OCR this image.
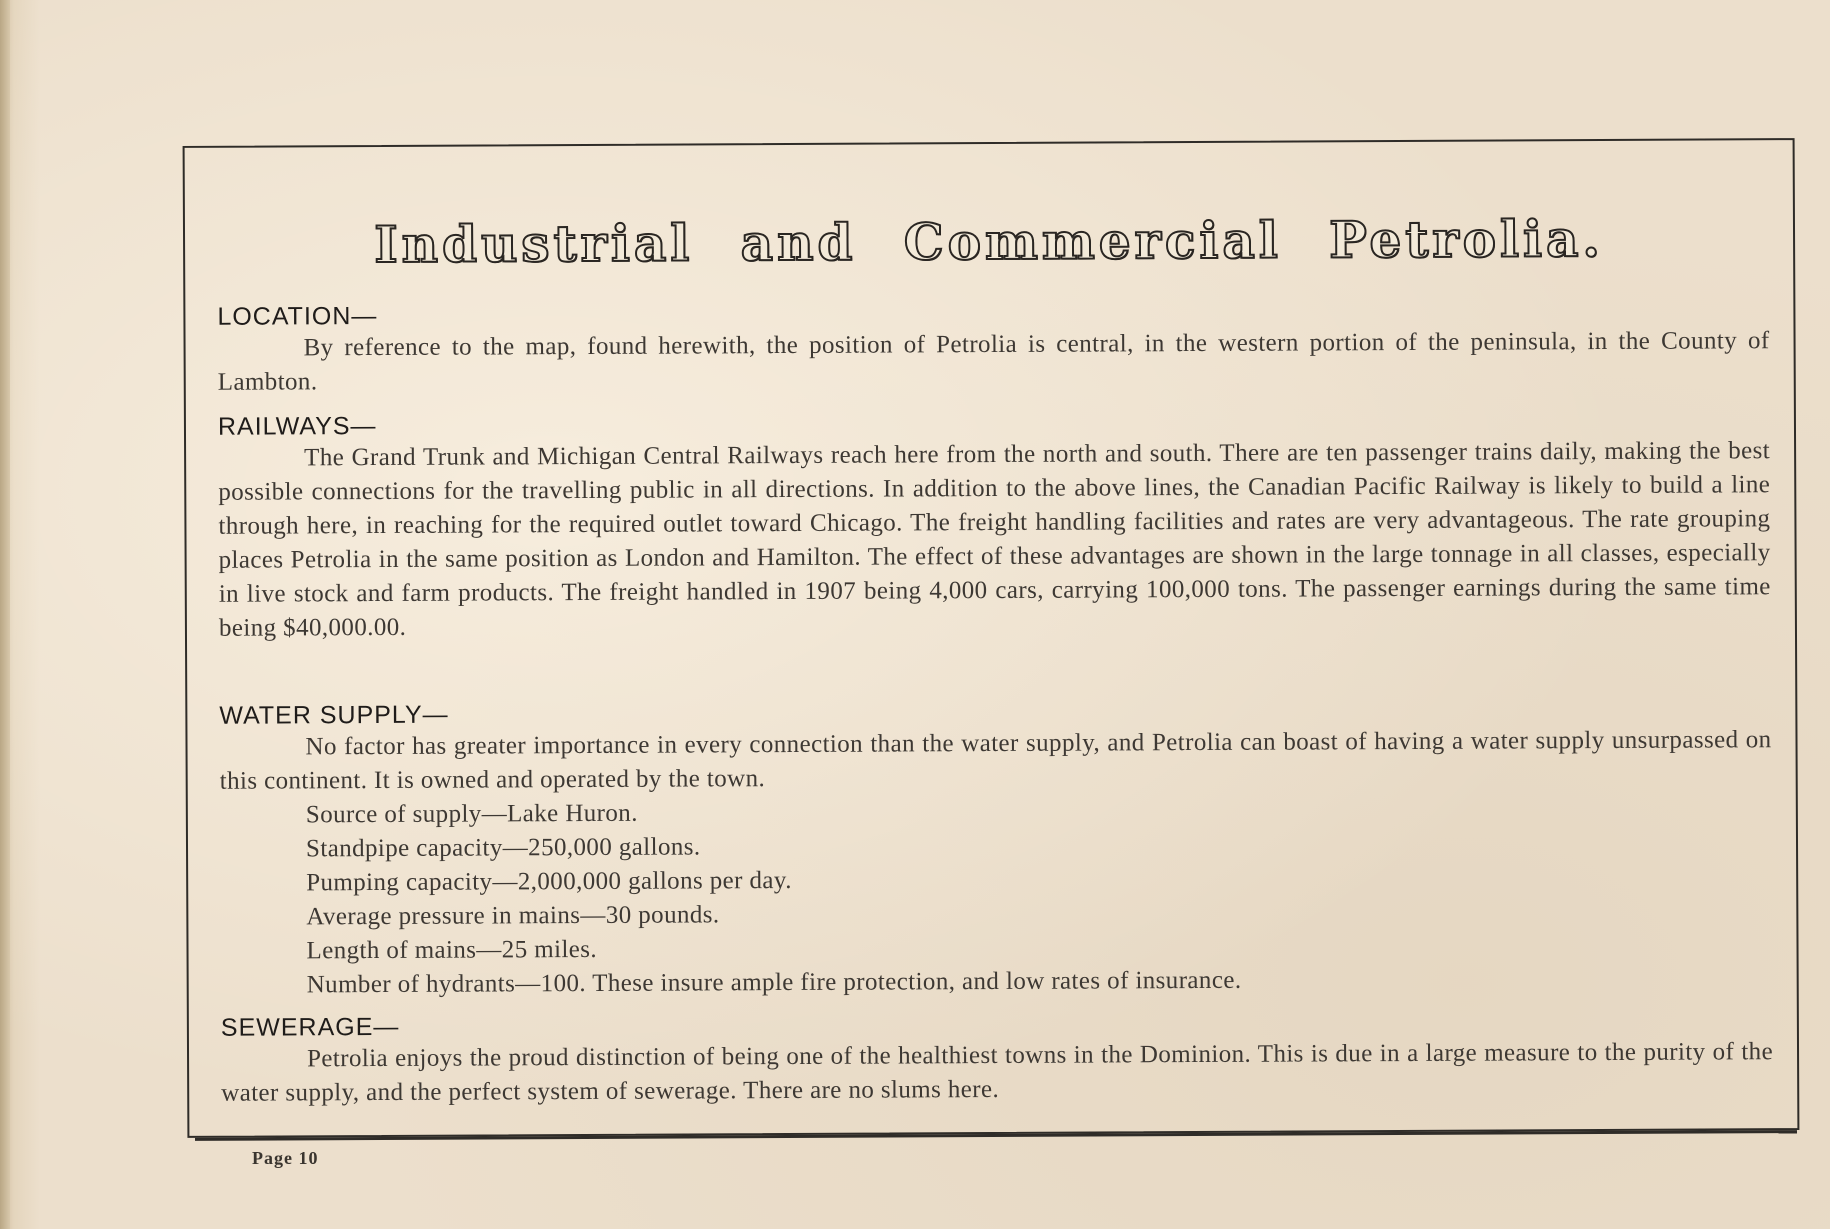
Industrial and Commercial Petrolia.

LOCATION—

By reference to the map, found herewith, the position of Petrolia is central, in the western portion of the peninsula, in the County of Lambton.

RAILWAYS—

The Grand Trunk and Michigan Central Railways reach here from the north and south. There are ten passenger trains daily, making the best possible connections for the travelling public in all directions. In addition to the above lines, the Canadian Pacific Railway is likely to build a line through here, in reaching for the required outlet toward Chicago. The freight handling facilities and rates are very advantageous. The rate grouping places Petrolia in the same position as London and Hamilton. The effect of these advantages are shown in the large tonnage in all classes, especially in live stock and farm products. The freight handled in 1907 being 4,000 cars, carrying 100,000 tons. The passenger earnings during the same time being $40,000.00.

WATER SUPPLY—

No factor has greater importance in every connection than the water supply, and Petrolia can boast of having a water supply unsurpassed on this continent. It is owned and operated by the town.

Source of supply—Lake Huron.

Standpipe capacity—250,000 gallons.

Pumping capacity—2,000,000 gallons per day.

Average pressure in mains—30 pounds.

Length of mains—25 miles.

Number of hydrants—100. These insure ample fire protection, and low rates of insurance.

SEWERAGE—

Petrolia enjoys the proud distinction of being one of the healthiest towns in the Dominion. This is due in a large measure to the purity of the water supply, and the perfect system of sewerage. There are no slums here.

Page 10
